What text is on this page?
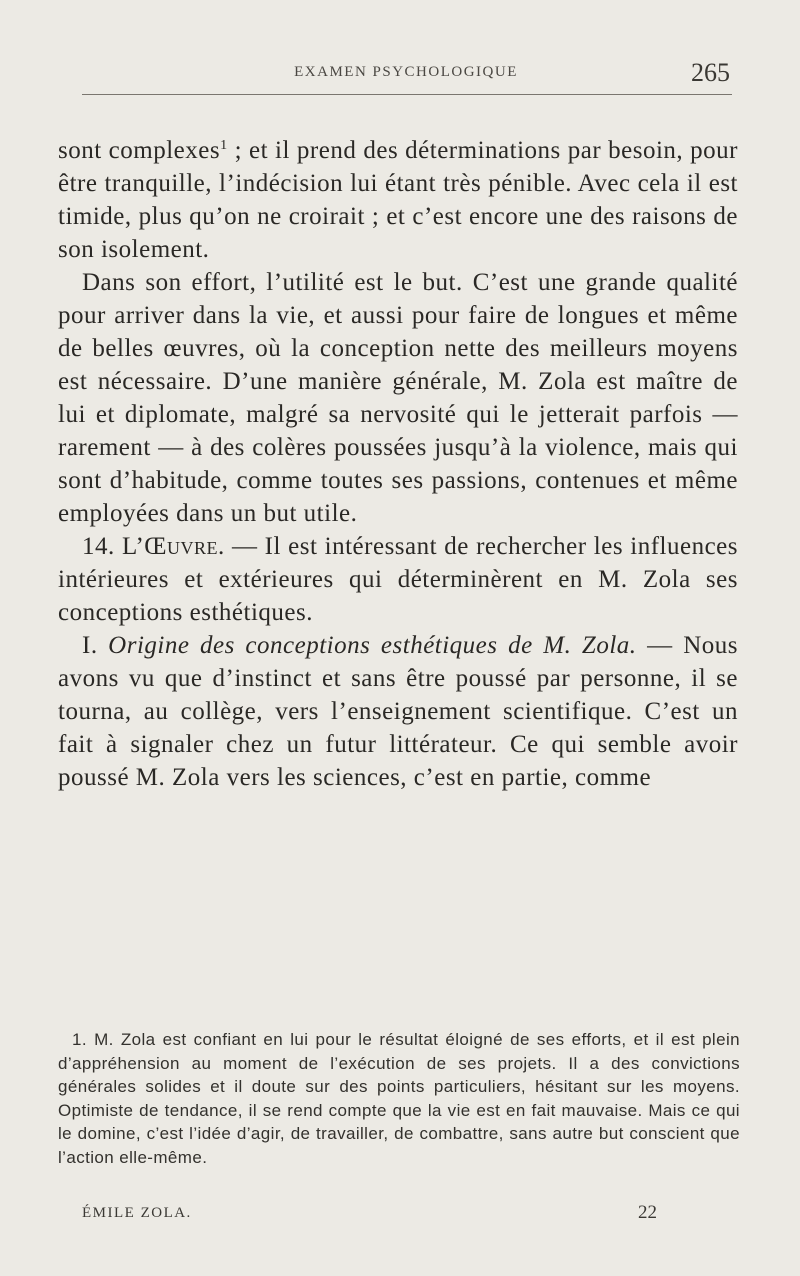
EXAMEN PSYCHOLOGIQUE	265

sont complexes$^1$ ; et il prend des déterminations par besoin, pour être tranquille, l’indécision lui étant très pénible. Avec cela il est timide, plus qu’on ne croirait ; et c’est encore une des raisons de son isolement.

Dans son effort, l’utilité est le but. C’est une grande qualité pour arriver dans la vie, et aussi pour faire de longues et même de belles œuvres, où la conception nette des meilleurs moyens est nécessaire. D’une manière générale, M. Zola est maître de lui et diplomate, malgré sa nervosité qui le jetterait parfois — rarement — à des colères poussées jusqu’à la violence, mais qui sont d’habitude, comme toutes ses passions, contenues et même employées dans un but utile.

14. L’Œuvre. — Il est intéressant de rechercher les influences intérieures et extérieures qui déterminèrent en M. Zola ses conceptions esthétiques.

I. Origine des conceptions esthétiques de M. Zola. — Nous avons vu que d’instinct et sans être poussé par personne, il se tourna, au collège, vers l’enseignement scientifique. C’est un fait à signaler chez un futur littérateur. Ce qui semble avoir poussé M. Zola vers les sciences, c’est en partie, comme

1. M. Zola est confiant en lui pour le résultat éloigné de ses efforts, et il est plein d’appréhension au moment de l’exécution de ses projets. Il a des convictions générales solides et il doute sur des points particuliers, hésitant sur les moyens. Optimiste de tendance, il se rend compte que la vie est en fait mauvaise. Mais ce qui le domine, c’est l’idée d’agir, de travailler, de combattre, sans autre but conscient que l’action elle-même.
ÉMILE ZOLA.	22
